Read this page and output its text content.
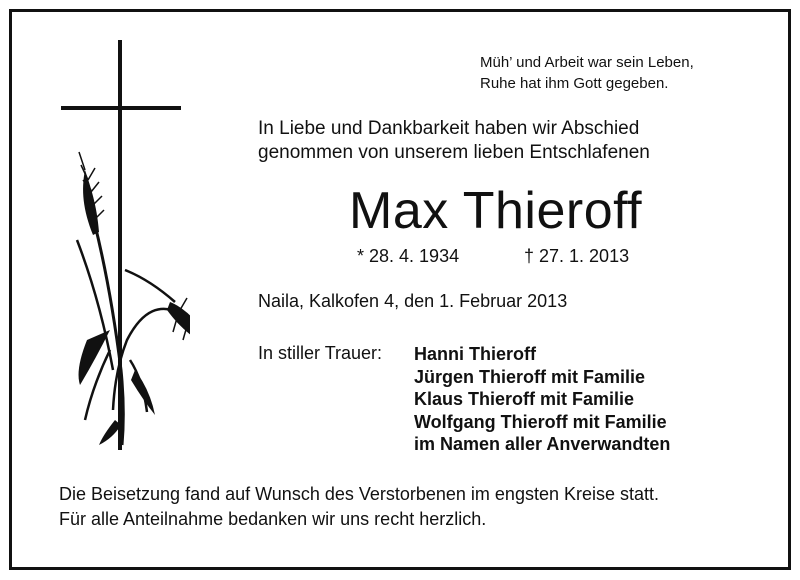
Müh’ und Arbeit war sein Leben,
Ruhe hat ihm Gott gegeben.
In Liebe und Dankbarkeit haben wir Abschied
genommen von unserem lieben Entschlafenen
Max Thieroff
* 28. 4. 1934	† 27. 1. 2013
Naila, Kalkofen 4, den 1. Februar 2013
In stiller Trauer: Hanni Thieroff
Jürgen Thieroff mit Familie
Klaus Thieroff mit Familie
Wolfgang Thieroff mit Familie
im Namen aller Anverwandten
Die Beisetzung fand auf Wunsch des Verstorbenen im engsten Kreise statt.
Für alle Anteilnahme bedanken wir uns recht herzlich.
